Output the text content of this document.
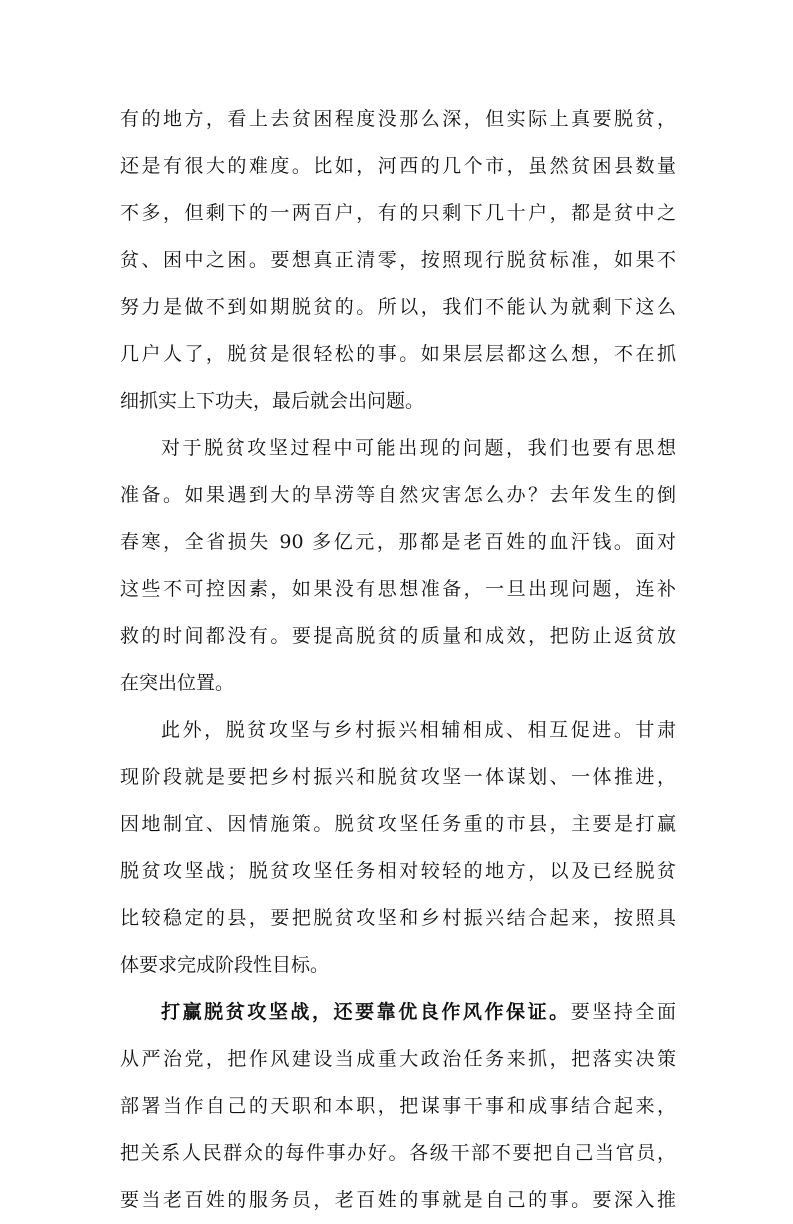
有的地方，看上去贫困程度没那么深，但实际上真要脱贫，
还是有很大的难度。比如，河西的几个市，虽然贫困县数量
不多，但剩下的一两百户，有的只剩下几十户，都是贫中之
贫、困中之困。要想真正清零，按照现行脱贫标准，如果不
努力是做不到如期脱贫的。所以，我们不能认为就剩下这么
几户人了，脱贫是很轻松的事。如果层层都这么想，不在抓
细抓实上下功夫，最后就会出问题。
对于脱贫攻坚过程中可能出现的问题，我们也要有思想
准备。如果遇到大的旱涝等自然灾害怎么办？去年发生的倒
春寒，全省损失 90 多亿元，那都是老百姓的血汗钱。面对
这些不可控因素，如果没有思想准备，一旦出现问题，连补
救的时间都没有。要提高脱贫的质量和成效，把防止返贫放
在突出位置。
此外，脱贫攻坚与乡村振兴相辅相成、相互促进。甘肃
现阶段就是要把乡村振兴和脱贫攻坚一体谋划、一体推进，
因地制宜、因情施策。脱贫攻坚任务重的市县，主要是打赢
脱贫攻坚战；脱贫攻坚任务相对较轻的地方，以及已经脱贫
比较稳定的县，要把脱贫攻坚和乡村振兴结合起来，按照具
体要求完成阶段性目标。
打赢脱贫攻坚战，还要靠优良作风作保证。要坚持全面
从严治党，把作风建设当成重大政治任务来抓，把落实决策
部署当作自己的天职和本职，把谋事干事和成事结合起来，
把关系人民群众的每件事办好。各级干部不要把自己当官员，
要当老百姓的服务员，老百姓的事就是自己的事。要深入推
